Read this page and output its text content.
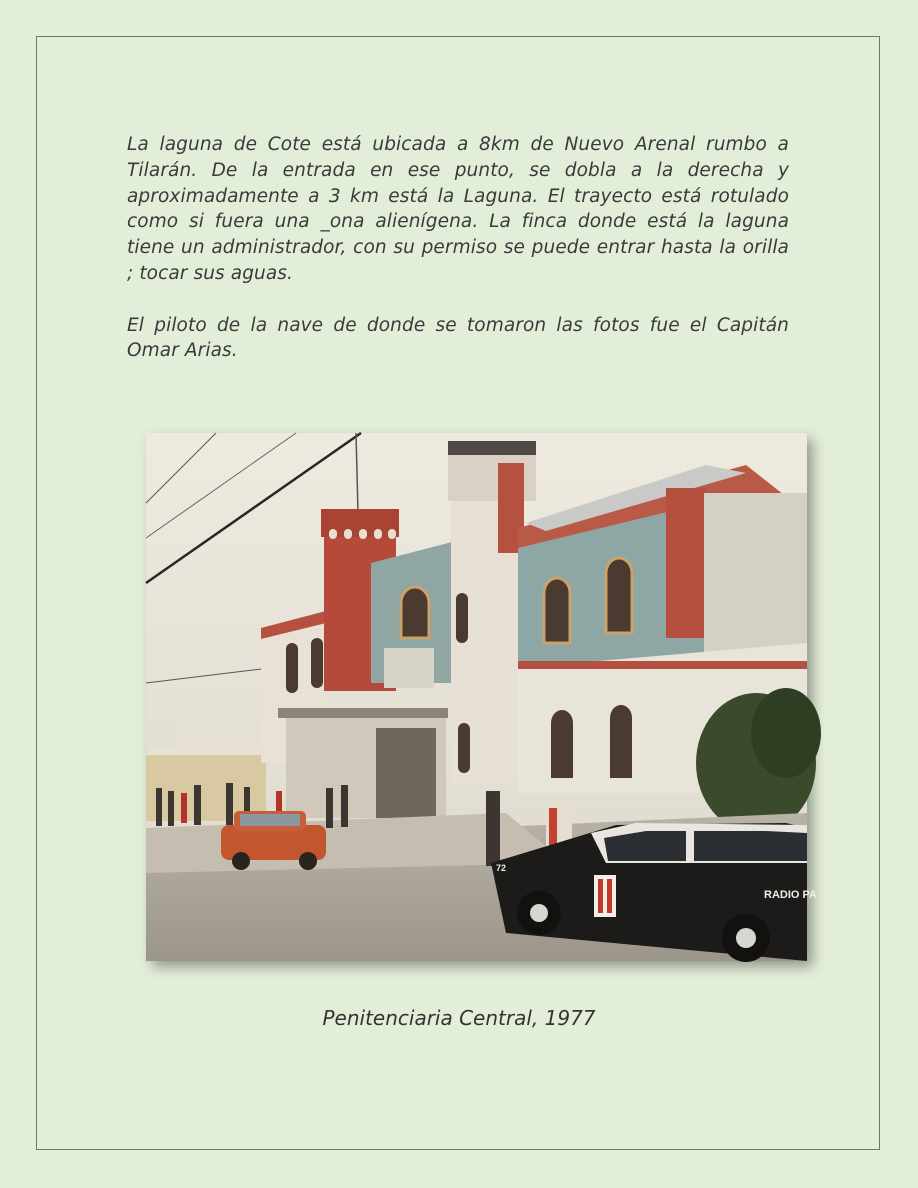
La laguna de Cote está ubicada a 8km de Nuevo Arenal rumbo a Tilarán. De la entrada en ese punto, se dobla a la derecha y aproximadamente a 3 km está la Laguna. El trayecto está rotulado como si fuera una _ona alienígena. La finca donde está la laguna tiene un administrador, con su permiso se puede entrar hasta la orilla ; tocar sus aguas.

El piloto de la nave de donde se tomaron las fotos fue el Capitán Omar Arias.

RADIO PA
72
Penitenciaria Central, 1977
